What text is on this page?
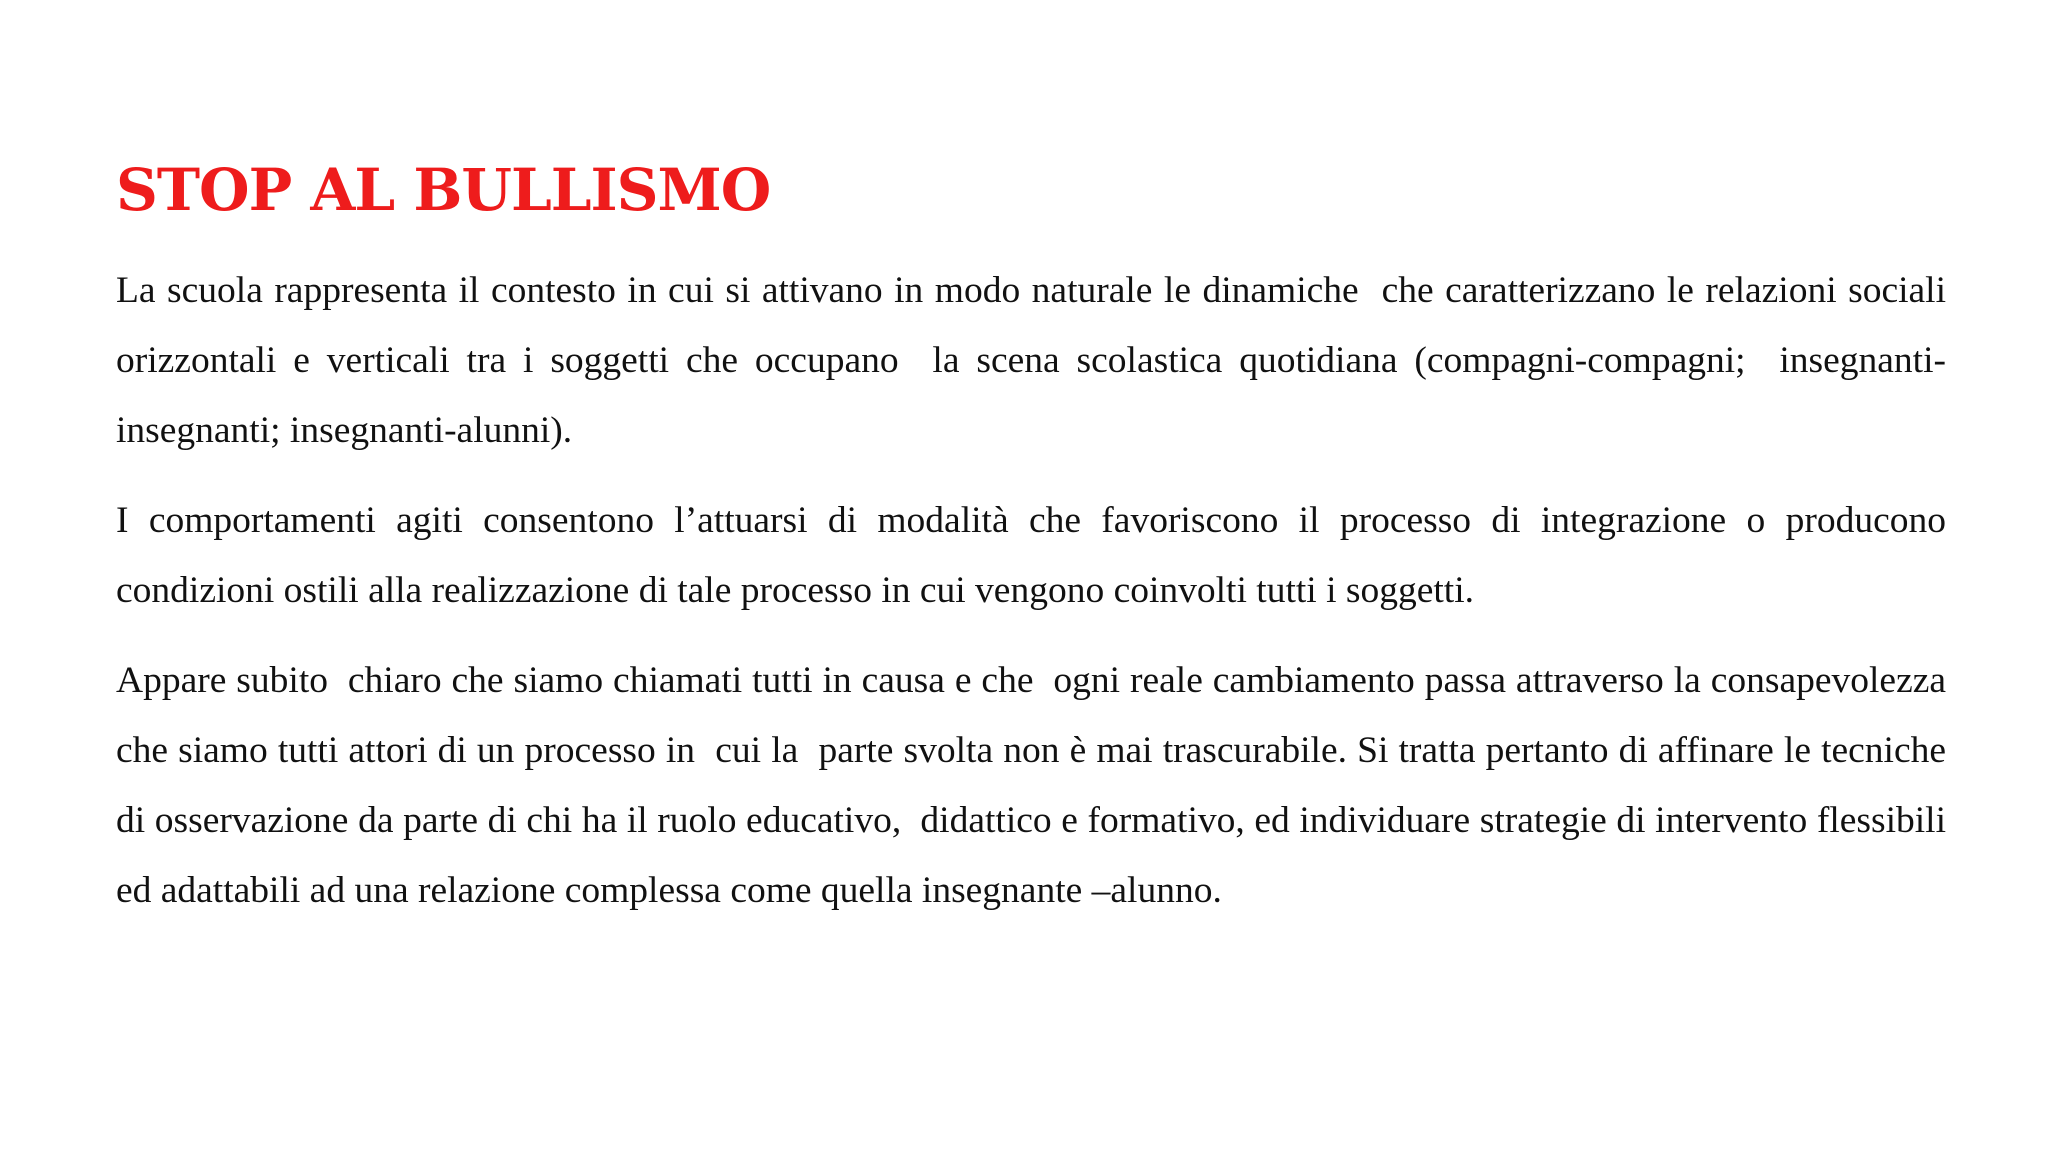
STOP AL BULLISMO

La scuola rappresenta il contesto in cui si attivano in modo naturale le dinamiche  che caratterizzano le relazioni sociali orizzontali e verticali tra i soggetti che occupano  la scena scolastica quotidiana (compagni-compagni;  insegnanti-insegnanti; insegnanti-alunni).

I comportamenti agiti consentono l’attuarsi di modalità che favoriscono il processo di integrazione o producono condizioni ostili alla realizzazione di tale processo in cui vengono coinvolti tutti i soggetti.

Appare subito  chiaro che siamo chiamati tutti in causa e che  ogni reale cambiamento passa attraverso la consapevolezza che siamo tutti attori di un processo in  cui la  parte svolta non è mai trascurabile. Si tratta pertanto di affinare le tecniche di osservazione da parte di chi ha il ruolo educativo,  didattico e formativo, ed individuare strategie di intervento flessibili ed adattabili ad una relazione complessa come quella insegnante –alunno.
